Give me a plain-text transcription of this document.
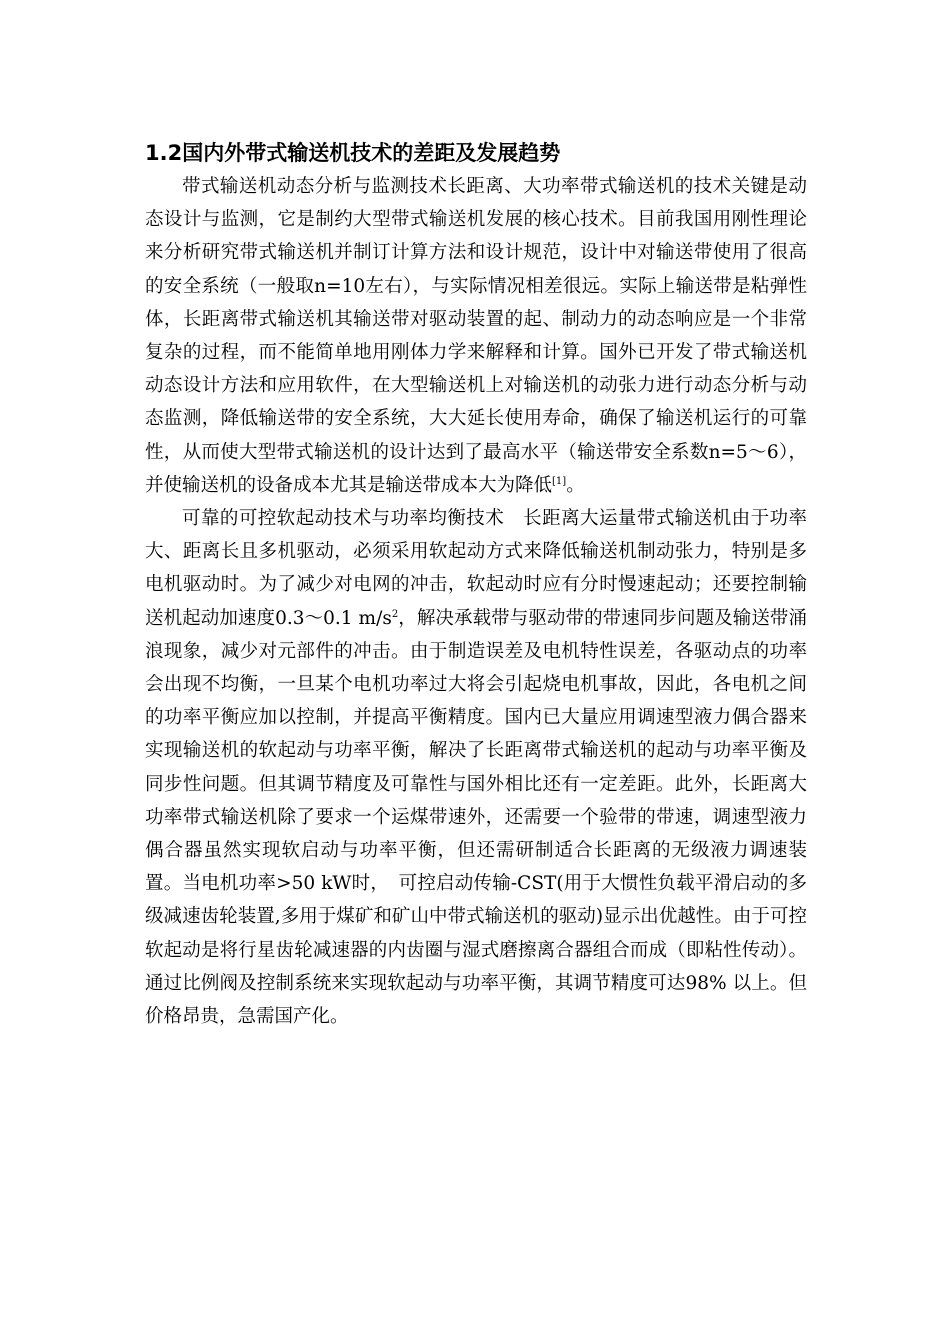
1.2国内外带式输送机技术的差距及发展趋势

带式输送机动态分析与监测技术长距离、大功率带式输送机的技术关键是动态设计与监测，它是制约大型带式输送机发展的核心技术。目前我国用刚性理论来分析研究带式输送机并制订计算方法和设计规范，设计中对输送带使用了很高的安全系统（一般取n=10左右），与实际情况相差很远。实际上输送带是粘弹性体，长距离带式输送机其输送带对驱动装置的起、制动力的动态响应是一个非常复杂的过程，而不能简单地用刚体力学来解释和计算。国外已开发了带式输送机动态设计方法和应用软件，在大型输送机上对输送机的动张力进行动态分析与动态监测，降低输送带的安全系统，大大延长使用寿命，确保了输送机运行的可靠性，从而使大型带式输送机的设计达到了最高水平（输送带安全系数n=5～6），并使输送机的设备成本尤其是输送带成本大为降低[1]。

可靠的可控软起动技术与功率均衡技术　长距离大运量带式输送机由于功率大、距离长且多机驱动，必须采用软起动方式来降低输送机制动张力，特别是多电机驱动时。为了减少对电网的冲击，软起动时应有分时慢速起动；还要控制输送机起动加速度0.3～0.1 $m/s^2$，解决承载带与驱动带的带速同步问题及输送带涌浪现象，减少对元部件的冲击。由于制造误差及电机特性误差，各驱动点的功率会出现不均衡，一旦某个电机功率过大将会引起烧电机事故，因此，各电机之间的功率平衡应加以控制，并提高平衡精度。国内已大量应用调速型液力偶合器来实现输送机的软起动与功率平衡，解决了长距离带式输送机的起动与功率平衡及同步性问题。但其调节精度及可靠性与国外相比还有一定差距。此外，长距离大功率带式输送机除了要求一个运煤带速外，还需要一个验带的带速，调速型液力偶合器虽然实现软启动与功率平衡，但还需研制适合长距离的无级液力调速装置。当电机功率>50 kW时，　可控启动传输-CST(用于大惯性负载平滑启动的多级减速齿轮装置,多用于煤矿和矿山中带式输送机的驱动)显示出优越性。由于可控软起动是将行星齿轮减速器的内齿圈与湿式磨擦离合器组合而成（即粘性传动）。通过比例阀及控制系统来实现软起动与功率平衡，其调节精度可达98% 以上。但价格昂贵，急需国产化。
